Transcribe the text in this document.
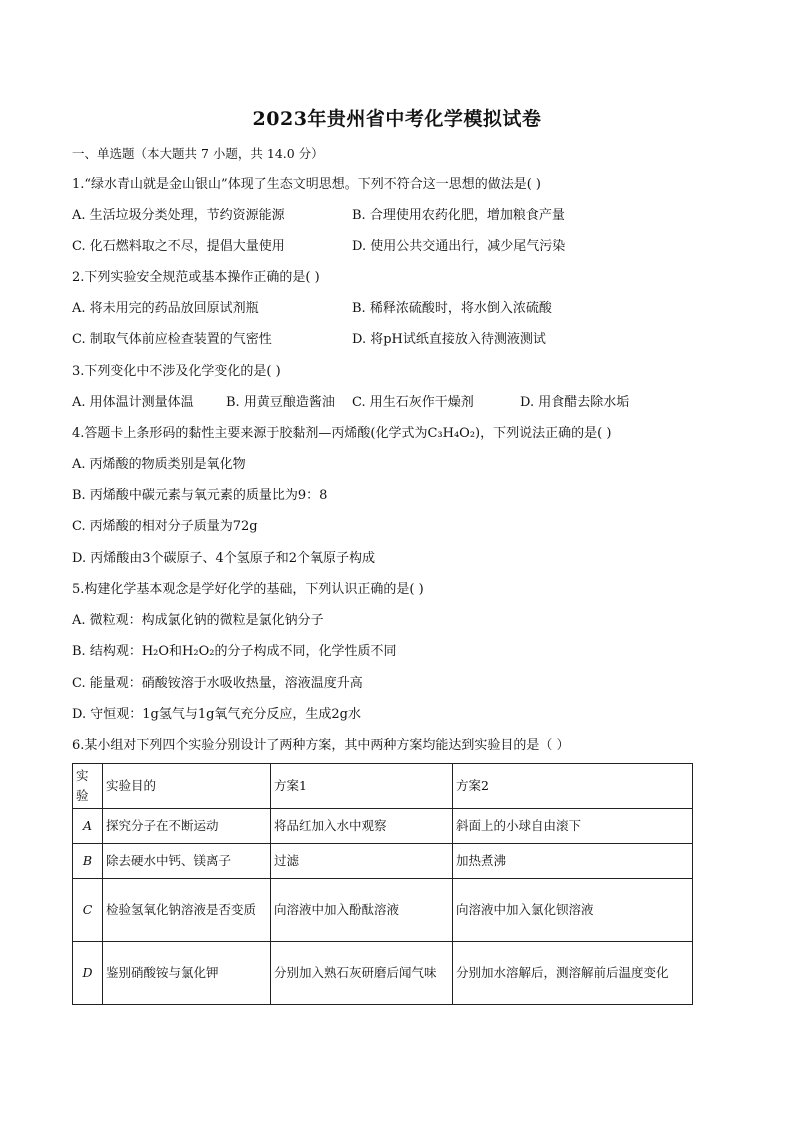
2023年贵州省中考化学模拟试卷
一、单选题（本大题共 7 小题，共 14.0 分）
1.“绿水青山就是金山银山”体现了生态文明思想。下列不符合这一思想的做法是( )
A. 生活垃圾分类处理，节约资源能源	B. 合理使用农药化肥，增加粮食产量
C. 化石燃料取之不尽，提倡大量使用	D. 使用公共交通出行，减少尾气污染
2.下列实验安全规范或基本操作正确的是( )
A. 将未用完的药品放回原试剂瓶	B. 稀释浓硫酸时，将水倒入浓硫酸
C. 制取气体前应检查装置的气密性	D. 将pH试纸直接放入待测液测试
3.下列变化中不涉及化学变化的是( )
A. 用体温计测量体温 B. 用黄豆酿造酱油 C. 用生石灰作干燥剂	D. 用食醋去除水垢
4.答题卡上条形码的黏性主要来源于胶黏剂—丙烯酸(化学式为C₃H₄O₂)，下列说法正确的是( )
A. 丙烯酸的物质类别是氧化物
B. 丙烯酸中碳元素与氧元素的质量比为9：8
C. 丙烯酸的相对分子质量为72g
D. 丙烯酸由3个碳原子、4个氢原子和2个氧原子构成
5.构建化学基本观念是学好化学的基础，下列认识正确的是( )
A. 微粒观：构成氯化钠的微粒是氯化钠分子
B. 结构观：H₂O和H₂O₂的分子构成不同，化学性质不同
C. 能量观：硝酸铵溶于水吸收热量，溶液温度升高
D. 守恒观：1g氢气与1g氧气充分反应，生成2g水
6.某小组对下列四个实验分别设计了两种方案，其中两种方案均能达到实验目的是（ ）
实验	实验目的	方案1	方案2
A	探究分子在不断运动	将品红加入水中观察	斜面上的小球自由滚下
B	除去硬水中钙、镁离子	过滤	加热煮沸
C	检验氢氧化钠溶液是否变质	向溶液中加入酚酞溶液	向溶液中加入氯化钡溶液
D	鉴别硝酸铵与氯化钾	分别加入熟石灰研磨后闻气味	分别加水溶解后，测溶解前后温度变化
